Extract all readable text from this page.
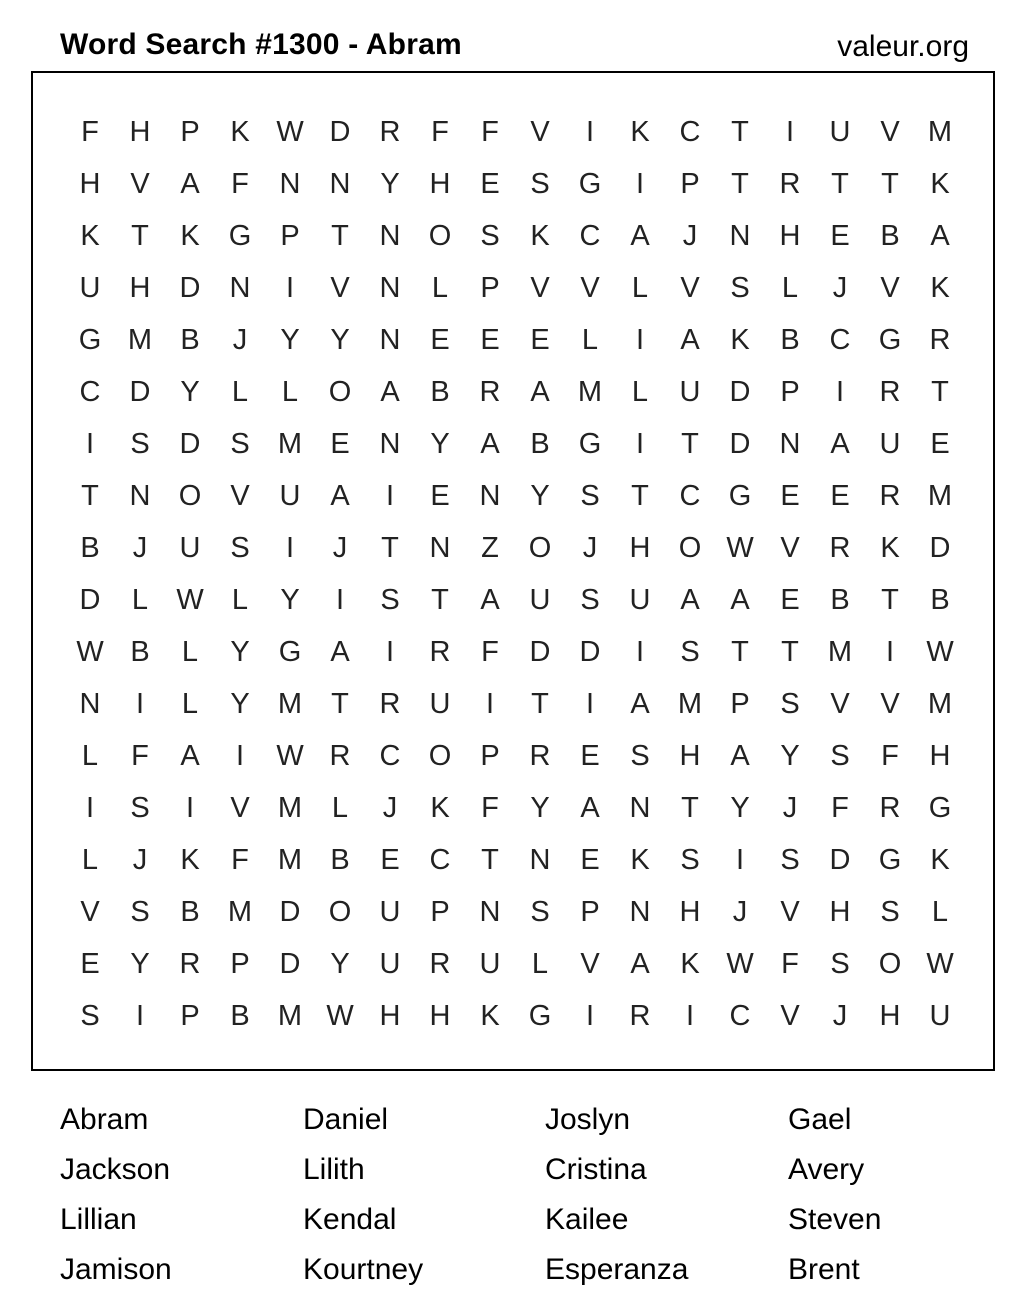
Word Search #1300 - Abram	valeur.org
F	H	P	K W D	R	F	F	V	I	K	C	T	I	U	V M
H	V	A	F	N	N	Y	H	E	S	G	I	P	T	R	T	T	K
K	T	K	G	P	T	N O	S	K	C	A	J	N	H	E	B	A
U	H	D	N	I	V	N	L	P	V	V	L	V	S	L	J	V	K
G M B	J	Y	Y	N	E	E	E	L	I	A	K	B	C G R
C	D	Y	L	L	O	A	B	R	A M	L	U	D	P	I	R	T
I	S	D	S M E	N	Y	A	B	G	I	T	D	N	A	U	E
T	N O	V	U	A	I	E	N	Y	S	T	C G	E	E	R M
B	J	U	S	I	J	T	N	Z	O	J	H O W V	R	K	D
D	L W L	Y	I	S	T	A	U	S	U	A	A	E	B	T	B
W B	L	Y	G	A	I	R	F	D	D	I	S	T	T	M	I	W
N	I	L	Y M	T	R	U	I	T	I	A M P	S	V	V M
L	F	A	I	W R	C O	P	R	E	S	H	A	Y	S	F	H
I	S	I	V M	L	J	K	F	Y	A	N	T	Y	J	F	R G
L	J	K	F	M B	E	C	T	N	E	K	S	I	S	D G	K
V	S	B M D O U	P	N	S	P	N	H	J	V	H	S	L
E	Y	R	P	D	Y	U	R	U	L	V	A	K W F	S	O W
S	I	P	B M W H	H	K	G	I	R	I	C	V	J	H	U
Abram	Daniel	Joslyn	Gael
Jackson	Lilith	Cristina	Avery
Lillian	Kendal	Kailee	Steven
Jamison	Kourtney	Esperanza	Brent
